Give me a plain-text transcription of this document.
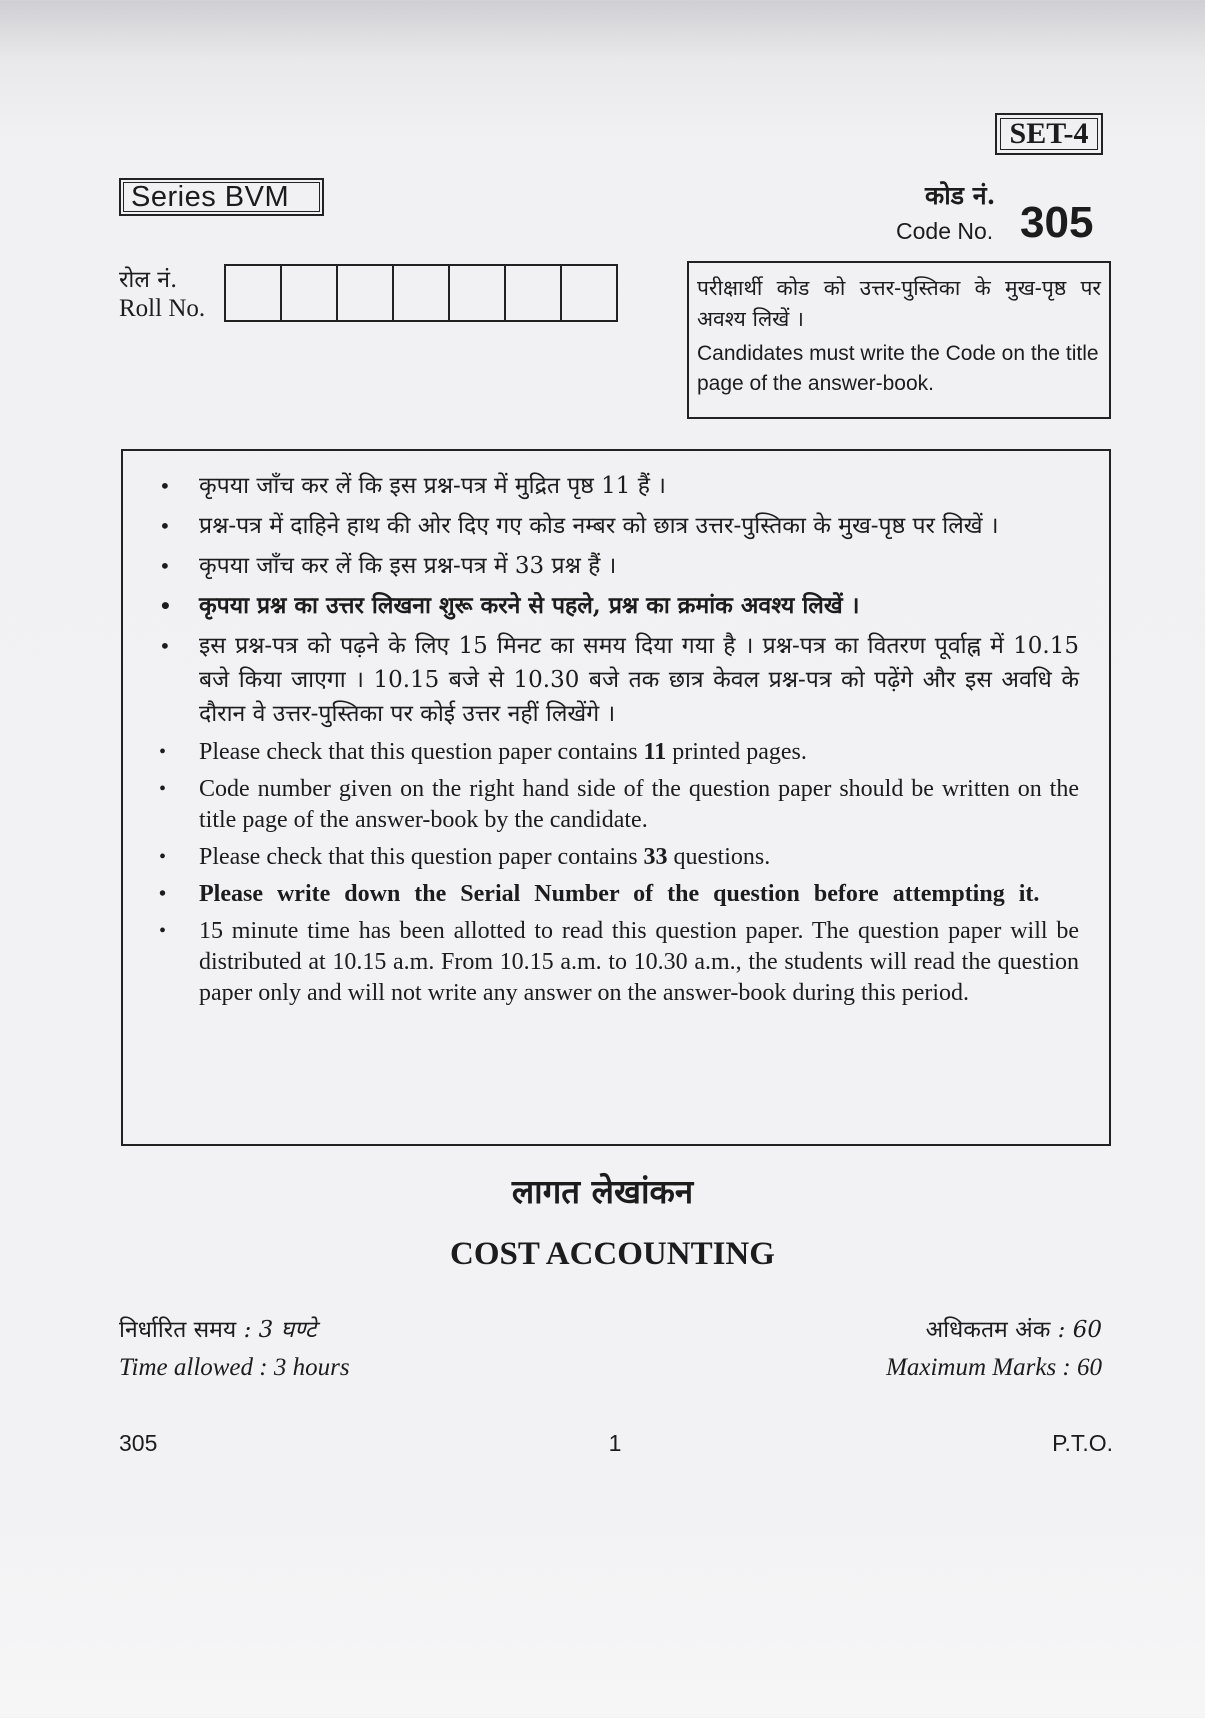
SET-4
Series BVM	कोड नं.
Code No. 305
रोल नं.
Roll No.
परीक्षार्थी कोड को उत्तर-पुस्तिका के मुख-पृष्ठ पर अवश्य लिखें ।
Candidates must write the Code on the title page of the answer-book.
• कृपया जाँच कर लें कि इस प्रश्न-पत्र में मुद्रित पृष्ठ 11 हैं ।
• प्रश्न-पत्र में दाहिने हाथ की ओर दिए गए कोड नम्बर को छात्र उत्तर-पुस्तिका के मुख-पृष्ठ पर लिखें ।
• कृपया जाँच कर लें कि इस प्रश्न-पत्र में 33 प्रश्न हैं ।
• कृपया प्रश्न का उत्तर लिखना शुरू करने से पहले, प्रश्न का क्रमांक अवश्य लिखें ।
• इस प्रश्न-पत्र को पढ़ने के लिए 15 मिनट का समय दिया गया है । प्रश्न-पत्र का वितरण पूर्वाह्न में 10.15 बजे किया जाएगा । 10.15 बजे से 10.30 बजे तक छात्र केवल प्रश्न-पत्र को पढ़ेंगे और इस अवधि के दौरान वे उत्तर-पुस्तिका पर कोई उत्तर नहीं लिखेंगे ।
• Please check that this question paper contains 11 printed pages.
• Code number given on the right hand side of the question paper should be written on the title page of the answer-book by the candidate.
• Please check that this question paper contains 33 questions.
• Please write down the Serial Number of the question before attempting it.
• 15 minute time has been allotted to read this question paper. The question paper will be distributed at 10.15 a.m. From 10.15 a.m. to 10.30 a.m., the students will read the question paper only and will not write any answer on the answer-book during this period.
लागत लेखांकन
COST ACCOUNTING
निर्धारित समय : 3 घण्टे
Time allowed : 3 hours
अधिकतम अंक : 60
Maximum Marks : 60
305	1	P.T.O.
